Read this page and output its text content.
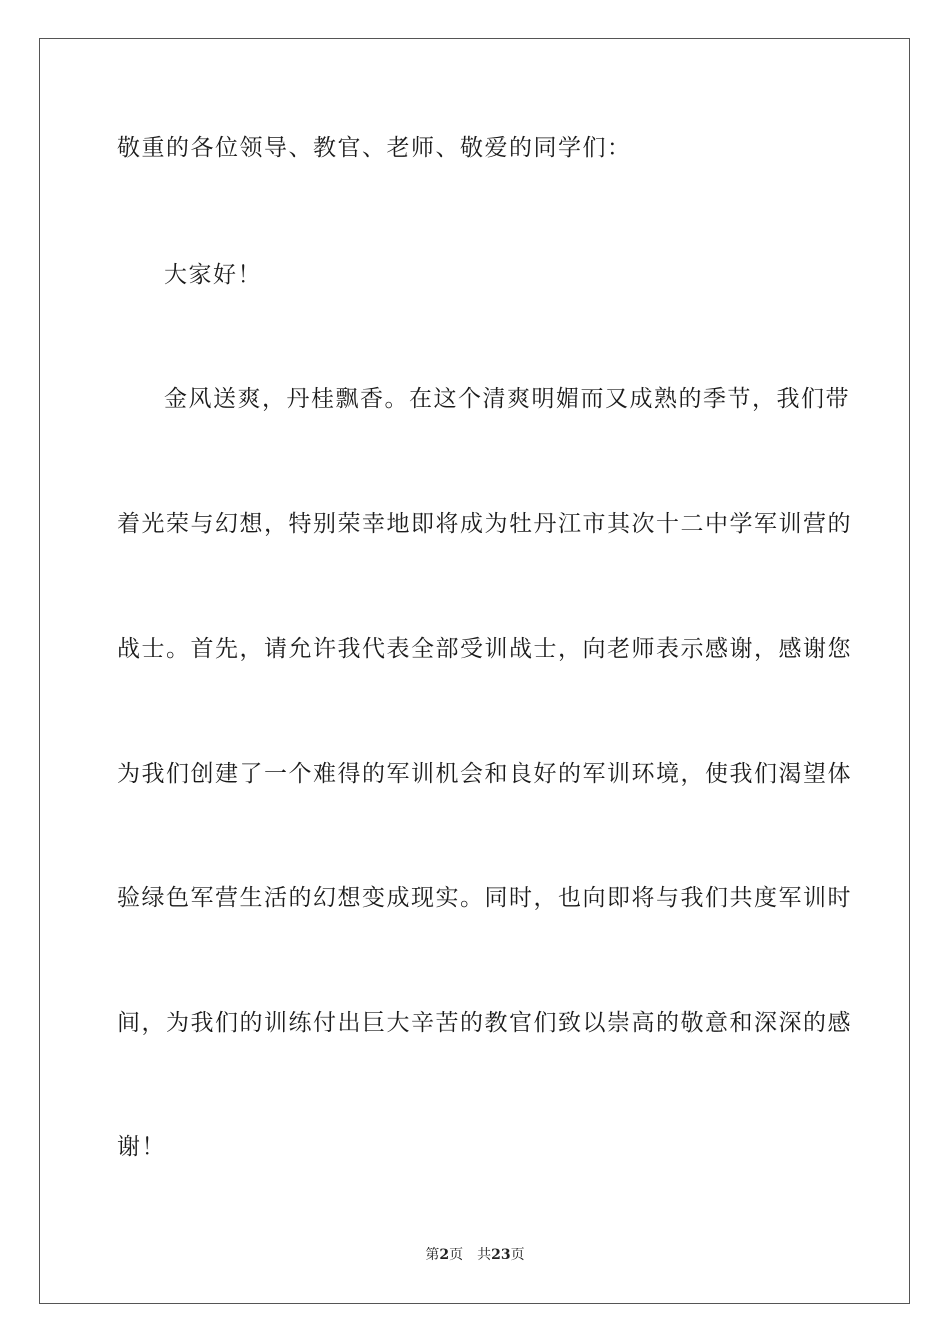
敬重的各位领导、教官、老师、敬爱的同学们：
大家好！
金风送爽，丹桂飘香。在这个清爽明媚而又成熟的季节，我们带
着光荣与幻想，特别荣幸地即将成为牡丹江市其次十二中学军训营的
战士。首先，请允许我代表全部受训战士，向老师表示感谢，感谢您
为我们创建了一个难得的军训机会和良好的军训环境，使我们渴望体
验绿色军营生活的幻想变成现实。同时，也向即将与我们共度军训时
间，为我们的训练付出巨大辛苦的教官们致以崇高的敬意和深深的感
谢！
第2页 共23页
